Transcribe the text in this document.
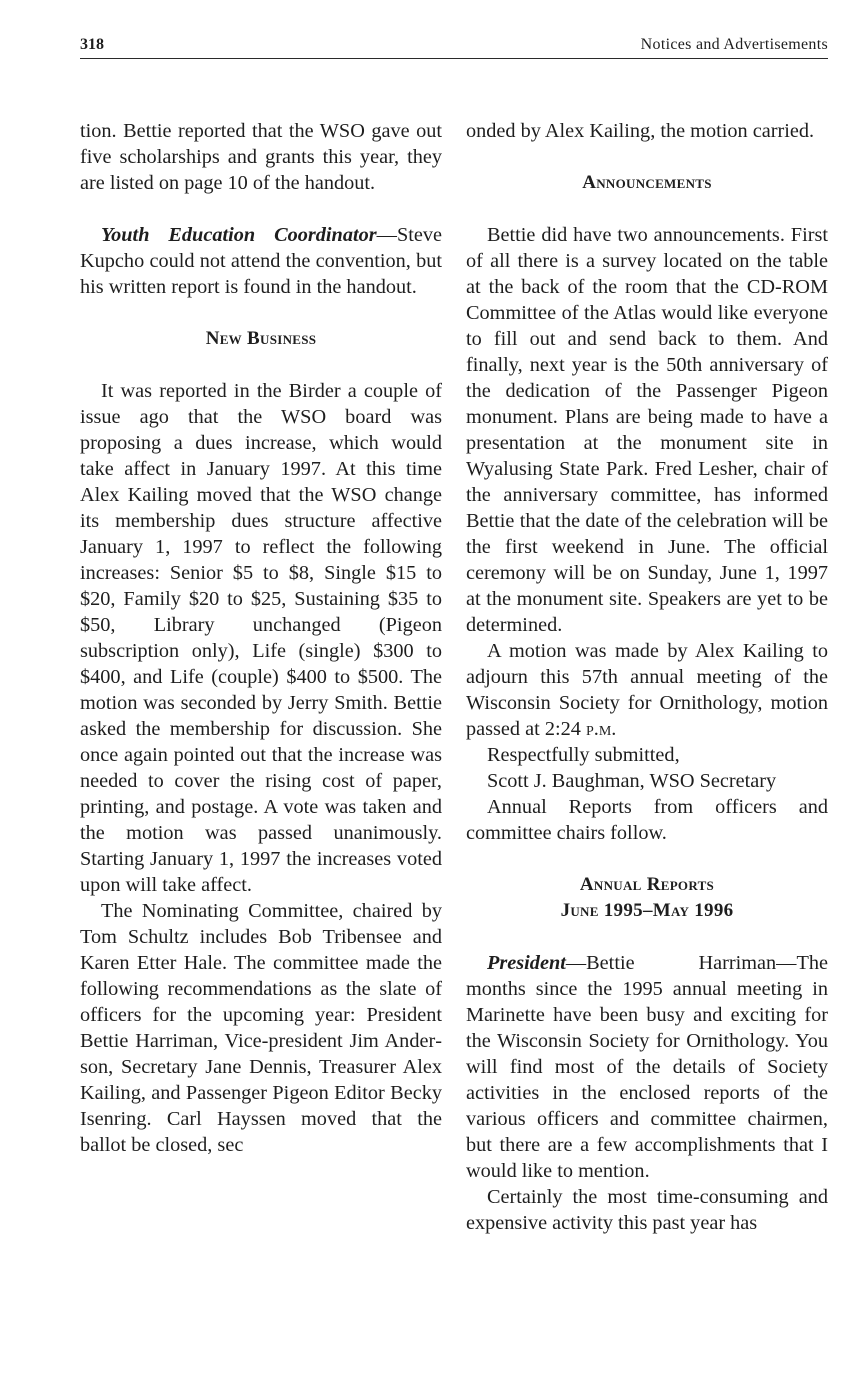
318	Notices and Advertisements

tion. Bettie reported that the WSO gave out five scholarships and grants this year, they are listed on page 10 of the handout.

Youth Education Coordinator—Steve Kupcho could not attend the convention, but his written report is found in the handout.

New Business

It was reported in the Birder a couple of issue ago that the WSO board was proposing a dues increase, which would take affect in January 1997. At this time Alex Kailing moved that the WSO change its membership dues structure affective January 1, 1997 to reflect the following increases: Senior $5 to $8, Single $15 to $20, Family $20 to $25, Sustaining $35 to $50, Library unchanged (Pigeon subscription only), Life (single) $300 to $400, and Life (couple) $400 to $500. The motion was seconded by Jerry Smith. Bettie asked the membership for discussion. She once again pointed out that the increase was needed to cover the rising cost of paper, printing, and postage. A vote was taken and the motion was passed unanimously. Starting January 1, 1997 the increases voted upon will take affect.

The Nominating Committee, chaired by Tom Schultz includes Bob Tribensee and Karen Etter Hale. The committee made the following recommendations as the slate of officers for the upcoming year: President Bettie Harriman, Vice-president Jim Anderson, Secretary Jane Dennis, Treasurer Alex Kailing, and Passenger Pigeon Editor Becky Isenring. Carl Hayssen moved that the ballot be closed, sec

onded by Alex Kailing, the motion carried.

Announcements

Bettie did have two announcements. First of all there is a survey located on the table at the back of the room that the CD-ROM Committee of the Atlas would like everyone to fill out and send back to them. And finally, next year is the 50th anniversary of the dedication of the Passenger Pigeon monument. Plans are being made to have a presentation at the monument site in Wyalusing State Park. Fred Lesher, chair of the anniversary committee, has informed Bettie that the date of the celebration will be the first weekend in June. The official ceremony will be on Sunday, June 1, 1997 at the monument site. Speakers are yet to be determined.

A motion was made by Alex Kailing to adjourn this 57th annual meeting of the Wisconsin Society for Ornithology, motion passed at 2:24 p.m.

Respectfully submitted,

Scott J. Baughman, WSO Secretary

Annual Reports from officers and committee chairs follow.

Annual Reports

June 1995–May 1996

President—Bettie Harriman—The months since the 1995 annual meeting in Marinette have been busy and exciting for the Wisconsin Society for Ornithology. You will find most of the details of Society activities in the enclosed reports of the various officers and committee chairmen, but there are a few accomplishments that I would like to mention.

Certainly the most time-consuming and expensive activity this past year has
